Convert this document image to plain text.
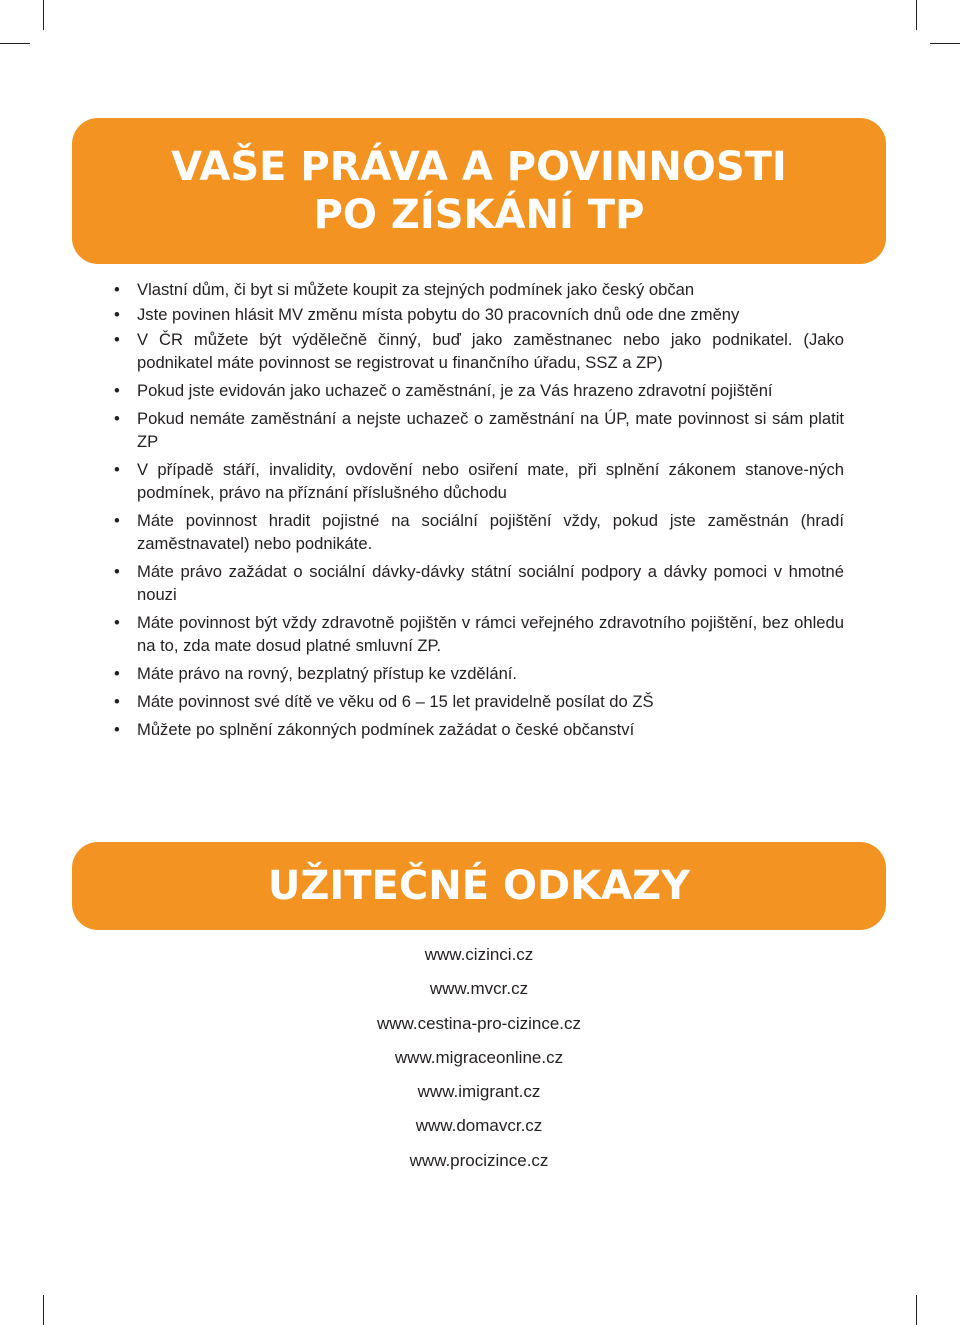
VAŠE PRÁVA A POVINNOSTI
PO ZÍSKÁNÍ TP
•	Vlastní dům, či byt si můžete koupit za stejných podmínek jako český občan
•	Jste povinen hlásit MV změnu místa pobytu do 30 pracovních dnů ode dne změny
•	V ČR můžete být výdělečně činný, buď jako zaměstnanec nebo jako podnikatel. (Jako podnikatel máte povinnost se registrovat u finančního úřadu, SSZ a ZP)
•	Pokud jste evidován jako uchazeč o zaměstnání, je za Vás hrazeno zdravotní pojištění
•	Pokud nemáte zaměstnání a nejste uchazeč o zaměstnání na ÚP, mate povinnost si sám platit ZP
•	V případě stáří, invalidity, ovdovění nebo osiření mate, při splnění zákonem stanove-ných podmínek, právo na příznání příslušného důchodu
•	Máte povinnost hradit pojistné na sociální pojištění vždy, pokud jste zaměstnán (hradí zaměstnavatel) nebo podnikáte.
•	Máte právo zažádat o sociální dávky-dávky státní sociální podpory a dávky pomoci v hmotné nouzi
•	Máte povinnost být vždy zdravotně pojištěn v rámci veřejného zdravotního pojištění, bez ohledu na to, zda mate dosud platné smluvní ZP.
•	Máte právo na rovný, bezplatný přístup ke vzdělání.
•	Máte povinnost své dítě ve věku od 6 – 15 let pravidelně posílat do ZŠ
•	Můžete po splnění zákonných podmínek zažádat o české občanství
UŽITEČNÉ ODKAZY
www.cizinci.cz
www.mvcr.cz
www.cestina-pro-cizince.cz
www.migraceonline.cz
www.imigrant.cz
www.domavcr.cz
www.procizince.cz
